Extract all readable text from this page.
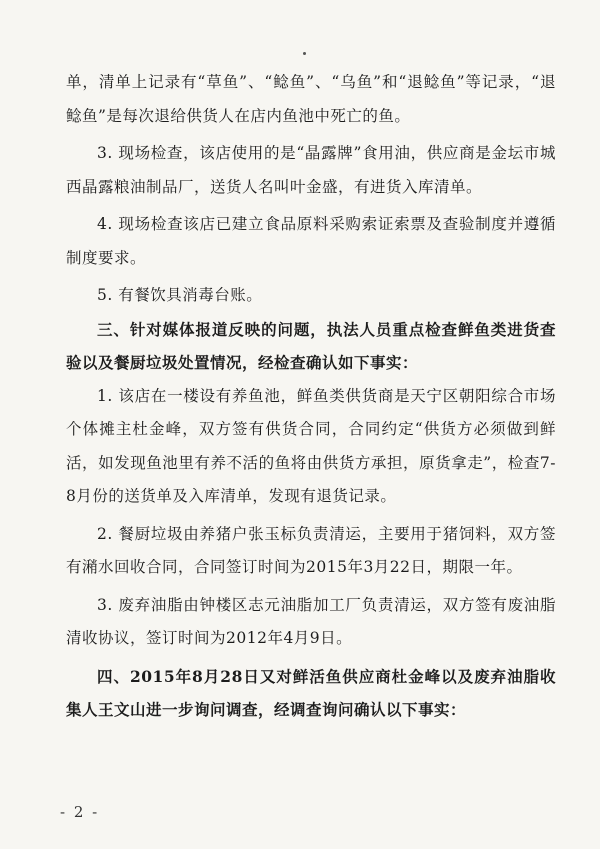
单，清单上记录有“草鱼”、“鲶鱼”、“乌鱼”和“退鲶鱼”等记录，“退鲶鱼”是每次退给供货人在店内鱼池中死亡的鱼。

3. 现场检查，该店使用的是“晶露牌”食用油，供应商是金坛市城西晶露粮油制品厂，送货人名叫叶金盛，有进货入库清单。

4. 现场检查该店已建立食品原料采购索证索票及查验制度并遵循制度要求。

5. 有餐饮具消毒台账。

三、针对媒体报道反映的问题，执法人员重点检查鲜鱼类进货查验以及餐厨垃圾处置情况，经检查确认如下事实：

1. 该店在一楼设有养鱼池，鲜鱼类供货商是天宁区朝阳综合市场个体摊主杜金峰，双方签有供货合同，合同约定“供货方必须做到鲜活，如发现鱼池里有养不活的鱼将由供货方承担，原货拿走”，检查7-8月份的送货单及入库清单，发现有退货记录。

2. 餐厨垃圾由养猪户张玉标负责清运，主要用于猪饲料，双方签有潲水回收合同，合同签订时间为2015年3月22日，期限一年。

3. 废弃油脂由钟楼区志元油脂加工厂负责清运，双方签有废油脂清收协议，签订时间为2012年4月9日。

四、2015年8月28日又对鲜活鱼供应商杜金峰以及废弃油脂收集人王文山进一步询问调查，经调查询问确认以下事实：

- 2 -
